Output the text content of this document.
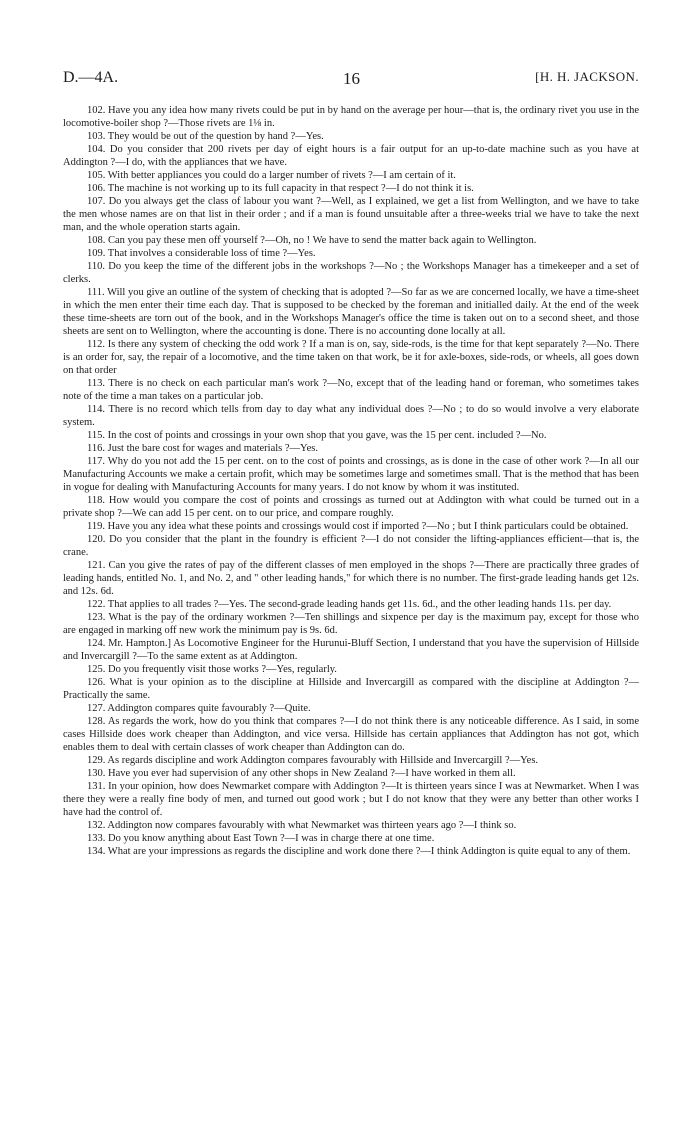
D.—4A.	16	[H. H. JACKSON.

102. Have you any idea how many rivets could be put in by hand on the average per hour—that is, the ordinary rivet you use in the locomotive-boiler shop ?—Those rivets are 1⅛ in.

103. They would be out of the question by hand ?—Yes.

104. Do you consider that 200 rivets per day of eight hours is a fair output for an up-to-date machine such as you have at Addington ?—I do, with the appliances that we have.

105. With better appliances you could do a larger number of rivets ?—I am certain of it.

106. The machine is not working up to its full capacity in that respect ?—I do not think it is.

107. Do you always get the class of labour you want ?—Well, as I explained, we get a list from Wellington, and we have to take the men whose names are on that list in their order ; and if a man is found unsuitable after a three-weeks trial we have to take the next man, and the whole operation starts again.

108. Can you pay these men off yourself ?—Oh, no ! We have to send the matter back again to Wellington.

109. That involves a considerable loss of time ?—Yes.

110. Do you keep the time of the different jobs in the workshops ?—No ; the Workshops Manager has a timekeeper and a set of clerks.

111. Will you give an outline of the system of checking that is adopted ?—So far as we are concerned locally, we have a time-sheet in which the men enter their time each day. That is supposed to be checked by the foreman and initialled daily. At the end of the week these time-sheets are torn out of the book, and in the Workshops Manager's office the time is taken out on to a second sheet, and those sheets are sent on to Wellington, where the accounting is done. There is no accounting done locally at all.

112. Is there any system of checking the odd work ? If a man is on, say, side-rods, is the time for that kept separately ?—No. There is an order for, say, the repair of a locomotive, and the time taken on that work, be it for axle-boxes, side-rods, or wheels, all goes down on that order

113. There is no check on each particular man's work ?—No, except that of the leading hand or foreman, who sometimes takes note of the time a man takes on a particular job.

114. There is no record which tells from day to day what any individual does ?—No ; to do so would involve a very elaborate system.

115. In the cost of points and crossings in your own shop that you gave, was the 15 per cent. included ?—No.

116. Just the bare cost for wages and materials ?—Yes.

117. Why do you not add the 15 per cent. on to the cost of points and crossings, as is done in the case of other work ?—In all our Manufacturing Accounts we make a certain profit, which may be sometimes large and sometimes small. That is the method that has been in vogue for dealing with Manufacturing Accounts for many years. I do not know by whom it was instituted.

118. How would you compare the cost of points and crossings as turned out at Addington with what could be turned out in a private shop ?—We can add 15 per cent. on to our price, and compare roughly.

119. Have you any idea what these points and crossings would cost if imported ?—No ; but I think particulars could be obtained.

120. Do you consider that the plant in the foundry is efficient ?—I do not consider the lifting-appliances efficient—that is, the crane.

121. Can you give the rates of pay of the different classes of men employed in the shops ?—There are practically three grades of leading hands, entitled No. 1, and No. 2, and " other leading hands," for which there is no number. The first-grade leading hands get 12s. and 12s. 6d.

122. That applies to all trades ?—Yes. The second-grade leading hands get 11s. 6d., and the other leading hands 11s. per day.

123. What is the pay of the ordinary workmen ?—Ten shillings and sixpence per day is the maximum pay, except for those who are engaged in marking off new work the minimum pay is 9s. 6d.

124. Mr. Hampton.] As Locomotive Engineer for the Hurunui-Bluff Section, I understand that you have the supervision of Hillside and Invercargill ?—To the same extent as at Addington.

125. Do you frequently visit those works ?—Yes, regularly.

126. What is your opinion as to the discipline at Hillside and Invercargill as compared with the discipline at Addington ?—Practically the same.

127. Addington compares quite favourably ?—Quite.

128. As regards the work, how do you think that compares ?—I do not think there is any noticeable difference. As I said, in some cases Hillside does work cheaper than Addington, and vice versa. Hillside has certain appliances that Addington has not got, which enables them to deal with certain classes of work cheaper than Addington can do.

129. As regards discipline and work Addington compares favourably with Hillside and Invercargill ?—Yes.

130. Have you ever had supervision of any other shops in New Zealand ?—I have worked in them all.

131. In your opinion, how does Newmarket compare with Addington ?—It is thirteen years since I was at Newmarket. When I was there they were a really fine body of men, and turned out good work ; but I do not know that they were any better than other works I have had the control of.

132. Addington now compares favourably with what Newmarket was thirteen years ago ?—I think so.

133. Do you know anything about East Town ?—I was in charge there at one time.

134. What are your impressions as regards the discipline and work done there ?—I think Addington is quite equal to any of them.
